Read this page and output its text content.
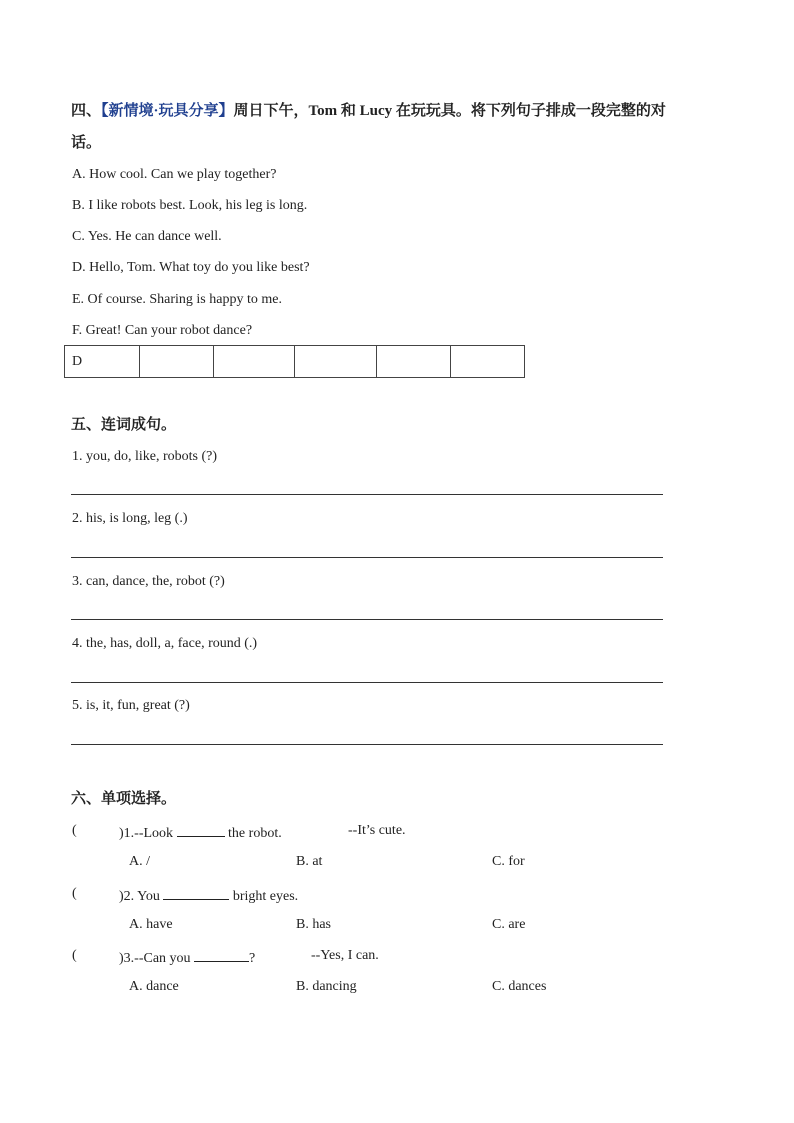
四、【新情境·玩具分享】周日下午，Tom 和 Lucy 在玩玩具。将下列句子排成一段完整的对
话。
A. How cool. Can we play together?
B. I like robots best. Look, his leg is long.
C. Yes. He can dance well.
D. Hello, Tom. What toy do you like best?
E. Of course. Sharing is happy to me.
F. Great! Can your robot dance?
D					
五、连词成句。
1. you, do, like, robots (?)
2. his, is long, leg (.)
3. can, dance, the, robot (?)
4. the, has, doll, a, face, round (.)
5. is, it, fun, great (?)
六、单项选择。
(	)1.--Look	the robot.	--It’s cute.
A. /	B. at	C. for
(	)2. You	bright eyes.
A. have	B. has	C. are
(	)3.--Can you	?	--Yes, I can.
A. dance	B. dancing	C. dances
